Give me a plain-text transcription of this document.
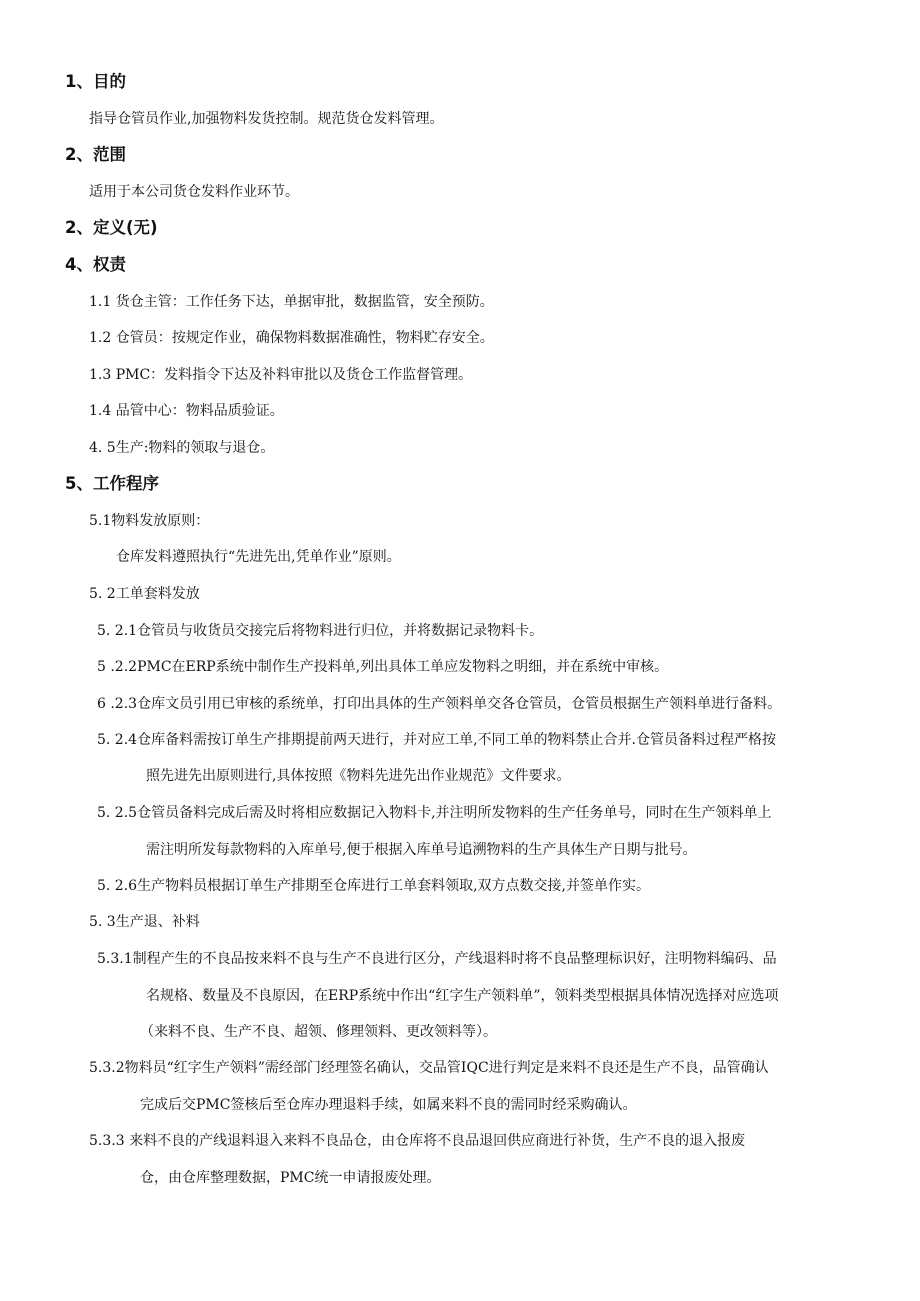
1、目的
指导仓管员作业,加强物料发货控制。规范货仓发料管理。
2、范围
适用于本公司货仓发料作业环节。
2、定义(无)
4、权责
1.1 货仓主管：工作任务下达，单据审批，数据监管，安全预防。
1.2 仓管员：按规定作业，确保物料数据准确性，物料贮存安全。
1.3 PMC：发料指令下达及补料审批以及货仓工作监督管理。
1.4 品管中心：物料品质验证。
4. 5生产:物料的领取与退仓。
5、工作程序
5.1物料发放原则：
仓库发料遵照执行“先进先出,凭单作业”原则。
5. 2工单套料发放
5. 2.1仓管员与收货员交接完后将物料进行归位，并将数据记录物料卡。
5 .2.2PMC在ERP系统中制作生产投料单,列出具体工单应发物料之明细，并在系统中审核。
6 .2.3仓库文员引用已审核的系统单，打印出具体的生产领料单交各仓管员，仓管员根据生产领料单进行备料。
5. 2.4仓库备料需按订单生产排期提前两天进行，并对应工单,不同工单的物料禁止合并.仓管员备料过程严格按
照先进先出原则进行,具体按照《物料先进先出作业规范》文件要求。
5. 2.5仓管员备料完成后需及时将相应数据记入物料卡,并注明所发物料的生产任务单号，同时在生产领料单上
需注明所发每款物料的入库单号,便于根据入库单号追溯物料的生产具体生产日期与批号。
5. 2.6生产物料员根据订单生产排期至仓库进行工单套料领取,双方点数交接,并签单作实。
5. 3生产退、补料
5.3.1制程产生的不良品按来料不良与生产不良进行区分，产线退料时将不良品整理标识好，注明物料编码、品
名规格、数量及不良原因，在ERP系统中作出“红字生产领料单”，领料类型根据具体情况选择对应选项
（来料不良、生产不良、超领、修理领料、更改领料等）。
5.3.2物料员“红字生产领料”需经部门经理签名确认，交品管IQC进行判定是来料不良还是生产不良，品管确认
完成后交PMC签核后至仓库办理退料手续，如属来料不良的需同时经采购确认。
5.3.3 来料不良的产线退料退入来料不良品仓，由仓库将不良品退回供应商进行补货，生产不良的退入报废
仓，由仓库整理数据，PMC统一申请报废处理。
